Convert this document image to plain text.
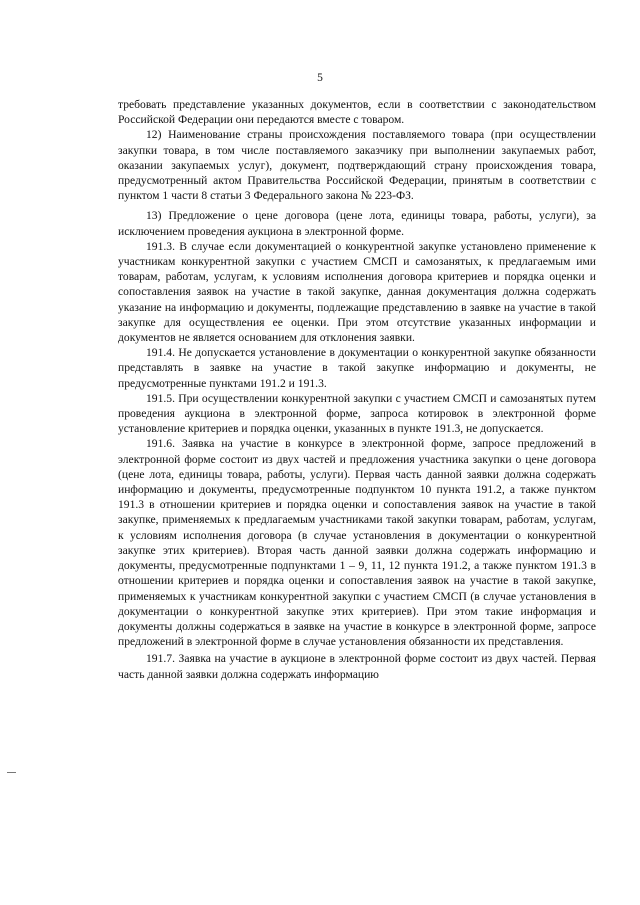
5

требовать представление указанных документов, если в соответствии с законодательством Российской Федерации они передаются вместе с товаром.

12) Наименование страны происхождения поставляемого товара (при осуществлении закупки товара, в том числе поставляемого заказчику при выполнении закупаемых работ, оказании закупаемых услуг), документ, подтверждающий страну происхождения товара, предусмотренный актом Правительства Российской Федерации, принятым в соответствии с пунктом 1 части 8 статьи 3 Федерального закона № 223-ФЗ.

13) Предложение о цене договора (цене лота, единицы товара, работы, услуги), за исключением проведения аукциона в электронной форме.

191.3. В случае если документацией о конкурентной закупке установлено применение к участникам конкурентной закупки с участием СМСП и самозанятых, к предлагаемым ими товарам, работам, услугам, к условиям исполнения договора критериев и порядка оценки и сопоставления заявок на участие в такой закупке, данная документация должна содержать указание на информацию и документы, подлежащие представлению в заявке на участие в такой закупке для осуществления ее оценки. При этом отсутствие указанных информации и документов не является основанием для отклонения заявки.

191.4. Не допускается установление в документации о конкурентной закупке обязанности представлять в заявке на участие в такой закупке информацию и документы, не предусмотренные пунктами 191.2 и 191.3.

191.5. При осуществлении конкурентной закупки с участием СМСП и самозанятых путем проведения аукциона в электронной форме, запроса котировок в электронной форме установление критериев и порядка оценки, указанных в пункте 191.3, не допускается.

191.6. Заявка на участие в конкурсе в электронной форме, запросе предложений в электронной форме состоит из двух частей и предложения участника закупки о цене договора (цене лота, единицы товара, работы, услуги). Первая часть данной заявки должна содержать информацию и документы, предусмотренные подпунктом 10 пункта 191.2, а также пунктом 191.3 в отношении критериев и порядка оценки и сопоставления заявок на участие в такой закупке, применяемых к предлагаемым участниками такой закупки товарам, работам, услугам, к условиям исполнения договора (в случае установления в документации о конкурентной закупке этих критериев). Вторая часть данной заявки должна содержать информацию и документы, предусмотренные подпунктами 1 – 9, 11, 12 пункта 191.2, а также пунктом 191.3 в отношении критериев и порядка оценки и сопоставления заявок на участие в такой закупке, применяемых к участникам конкурентной закупки с участием СМСП (в случае установления в документации о конкурентной закупке этих критериев). При этом такие информация и документы должны содержаться в заявке на участие в конкурсе в электронной форме, запросе предложений в электронной форме в случае установления обязанности их представления.

191.7. Заявка на участие в аукционе в электронной форме состоит из двух частей. Первая часть данной заявки должна содержать информацию
